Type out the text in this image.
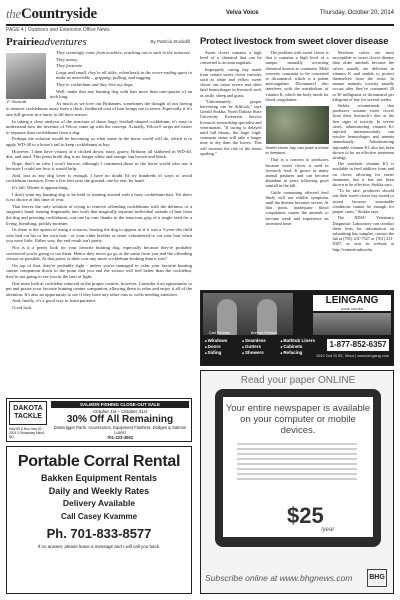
theCountryside	Velva Voice	Thursday, October 20, 2014
PAGE 4 | Outdoors and Extension Office News
Prairieadventures	By Patricia Stockdill
P. Stockdill

They seemingly come from nowhere, reaching out to suck in the innocent.

They annoy.

They frustrate.

Large and small, they're all alike, relentlessly in the never-ending quest to make us miserable – gripping, pulling, and tugging.

They're cocklebum and they love my dogs.

Well, make that any hunting dog with hair more than one-quarter of an inch long.

As much as we love our Brittanies, sometimes the thought of not having to remove cocklebums away from a thick, feathered coat of hair brings me to terror. Especially if it's one full-grown in a hurry to fill their season.

In taking a close analysis of the structure of those large, football-shaped cocklebum, it's easy to understand how the inventor of Velcro came up with the concept. Actually, Velcro® strips are easier to separate than cocklebums from a dog.

Perhaps the solution would be becoming so what some in the horse world will do, which is to apply WD-40 to a horse's tail to keep cocklebums at bay.

However, I then have visions of a clicked down, rusty, gooey, Brittany all slathered in WD-40, dirt, and mud. This prom bride dog is no longer white and orange, but brown and black.

Nope, that's an idea I won't borrow, although I commend those in the horse world who use it because I could see how it would help.

And, just as any dog lover is enough, I have no doubt I'd try hundreds of ways to avoid cocklebum invasion. Even a few feet onto the ground, one by one, by hand.

It's fall. Winter is approaching.

I don't want my hunting dog to be bald or running around with a hazy cocklebum hair. Yet there is no choice at this time of year.

That leaves the only solution of trying to remove offending cocklebums with the deftness of a surgeon's hand, turning fingernails into tools that magically separate individual strands of hair from the dog and pressing cocklebums, out one by one, thanks to the tenacious grip of a single seed for a living, breathing, prickly monster.

Or there is the option of using a scissors, leaving the dog to appear as if it was a 5-year-old child who had cut his or her own hair - or your older brother or sister volunteered to cut your hair when you were little. Either way, the end result isn't pretty.

Nor is it a pretty look for your favorite hunting dog, especially because they're probably convinced you're going to cut them. Hence they never go go at the same from you and the offending scissor as possible. At that point, is their coat any more cocklebum-looking than it was?

On top of that, they're probably right - unless you're managed to calm your favorite hunting canine companion down to the point that you and the scissor will feel better than the cocklebur, they're not going to see you in the best of light.

One must look at cocklebur removal in the proper context, however. Consider it an opportunity to pet and praise your favorite hunting canine companion, allowing them to relax and enjoy it all of the attention. It's also an opportunity to see if they have any other cuts or welts needing attention.

And, finally, it's a good way to learn patience.

Good luck.

Protect livestock from sweet clover disease

Sweet clover contains a high level of a chemical that can be converted to an anticoagulant.

Improperly curing hay made from certain sweet clover varieties such as white and yellow sweet clover can cause severe and often fatal hemorrhages in livestock such as cattle, sheep and goats.

"Unfortunately, proper harvesting can be difficult," says Gerald Stokka, North Dakota State University Extension Service livestock stewardship specialist and veterinarian. "If curing is delayed until full bloom, the large, high-coumarin stems will take a longer time to dry than the leaves. This will increase the risk of the stems spoiling."

The problem with sweet clover is that it contains a high level of a unique, naturally occurring chemical known as coumarin. Mold converts coumarin to be converted to dicoumarol, which is a potent anticoagulant. Dicoumarol also interferes with the metabolism of vitamin K, which the body needs for blood coagulation.

Sweet clover hay can pose a threat to livestock.

That is a concern to producers because sweet clover is used in livestock feed. It grows in many animal pastures and can become abundant in years following good rainfall in the fall.

Cattle consuming affected feed likely will not exhibit symptoms until the disease becomes severe. At that point, inadequate blood coagulation causes the animals to become weak and experience an increased heart

Newborn calves are most susceptible to sweet clover disease than older animals because the calves usually are deficient in vitamin K and unable to protect themselves from the toxin. In mature animals, toxicity usually occurs after they've consumed 20 to 30 milligrams of dicoumarol per kilogram of hay for several weeks.

Stokka recommends that producers assume sweet clover from their livestock's diet at the first signs of toxicity. In severe cases, administering vitamin K1 injected intramuscularly can resolve hemorrhages and anemia immediately. Administering injectable vitamin K1 also has been shown to be an effective treatment strategy.

The synthetic vitamin K3 is available in feed additive form and on clover, allowing for easier treatment, but it has not been shown to be effective, Stokka says.

"To be safe, producers should test their sweet clover hay stored or stored because seasonable conditions cannot be enough for proper cures," Stokka says.

The NDSU Veterinary Diagnostic Laboratory can conduct these tests for information on submitting hay samples, contact the lab at (701) 231-7527 or (701) 231-8307, or visit its website at http://vetmed.ndsu.edu.

Carl Reiman	Brenda Reiman
LEINGANG
HOME CENTER
■ Windows	■ Seamless	■ Bathtub Liners
■ Doors	■ Gutters	■ Cabinets
■ Siding	■ Showers	■ Refacing
1-877-852-6357
2610 2nd St SE, Minot | www.leingang.com
DAKOTA
TACKLE
Hwy 83 & Bus Hwy 52 · 2001 S Broadway Minot, ND
SALMON FISHING CLOSE-OUT SALE
October 1st – October 31st
30% Off All Remaining
Downrigger Parts, Accessories, Equipment Flashers, Dodges & Salmon Lures!
701-223-3052
Portable Corral Rental
Bakken Equipment Rentals
Daily and Weekly Rates
Delivery Available
Call Casey Kvamme
Ph. 701-833-8577
If no answer, please leave a message and I will call you back.
Read your paper ONLINE
Your entire newspaper is available on your computer or mobile devices.
$25
/year
Subscribe online at www.bhgnews.com	BHG
